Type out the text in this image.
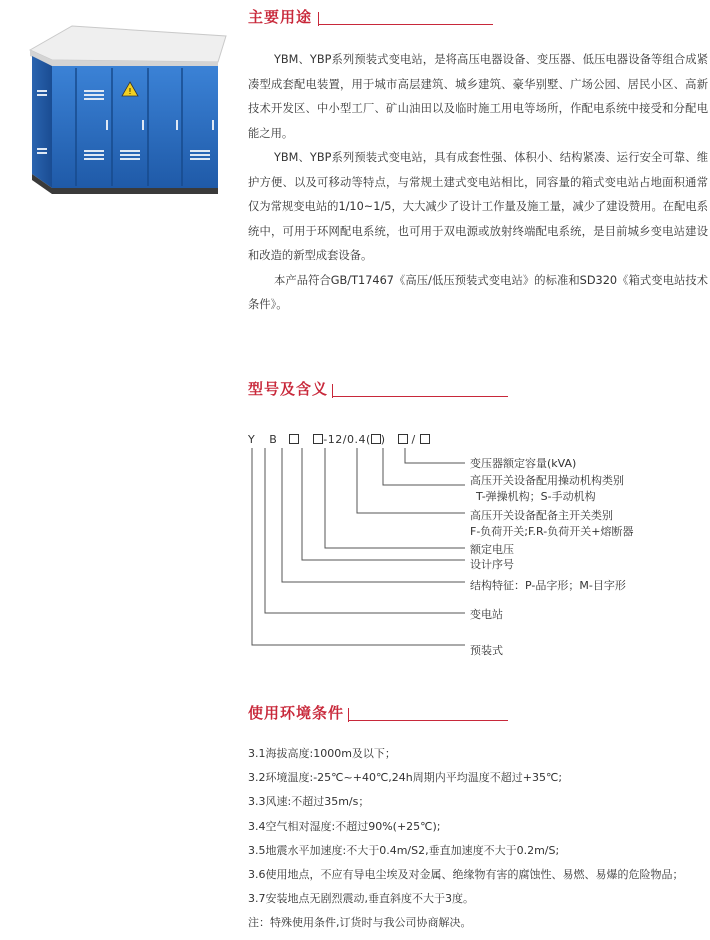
!
主要用途

YBM、YBP系列预装式变电站，是将高压电器设备、变压器、低压电器设备等组合成紧凑型成套配电装置，用于城市高层建筑、城乡建筑、豪华别墅、广场公园、居民小区、高新技术开发区、中小型工厂、矿山油田以及临时施工用电等场所，作配电系统中接受和分配电能之用。

YBM、YBP系列预装式变电站，具有成套性强、体积小、结构紧凑、运行安全可靠、维护方便、以及可移动等特点，与常规土建式变电站相比，同容量的箱式变电站占地面积通常仅为常规变电站的1/10~1/5，大大减少了设计工作量及施工量，减少了建设赞用。在配电系统中，可用于环网配电系统，也可用于双电源或放射终端配电系统，是目前城乡变电站建设和改造的新型成套设备。

本产品符合GB/T17467《高压/低压预装式变电站》的标准和SD320《箱式变电站技术条件》。

型号及含义
Y B	-12/0.4( ) /
变压器额定容量(kVA)
高压开关设备配用操动机构类别
T-弹操机构；S-手动机构
高压开关设备配备主开关类别
F-负荷开关;F.R-负荷开关+熔断器
额定电压
设计序号
结构特征：P-品字形；M-目字形
变电站
预装式
使用环境条件
3.1海拔高度:1000m及以下；
3.2环境温度:-25℃~+40℃,24h周期内平均温度不超过+35℃;
3.3风速:不超过35m/s；
3.4空气相对湿度:不超过90%(+25℃);
3.5地震水平加速度:不大于0.4m/S2,垂直加速度不大于0.2m/S;
3.6使用地点，不应有导电尘埃及对金属、绝缘物有害的腐蚀性、易燃、易爆的危险物品；
3.7安装地点无剧烈震动,垂直斜度不大于3度。
注：特殊使用条件,订货时与我公司协商解决。
